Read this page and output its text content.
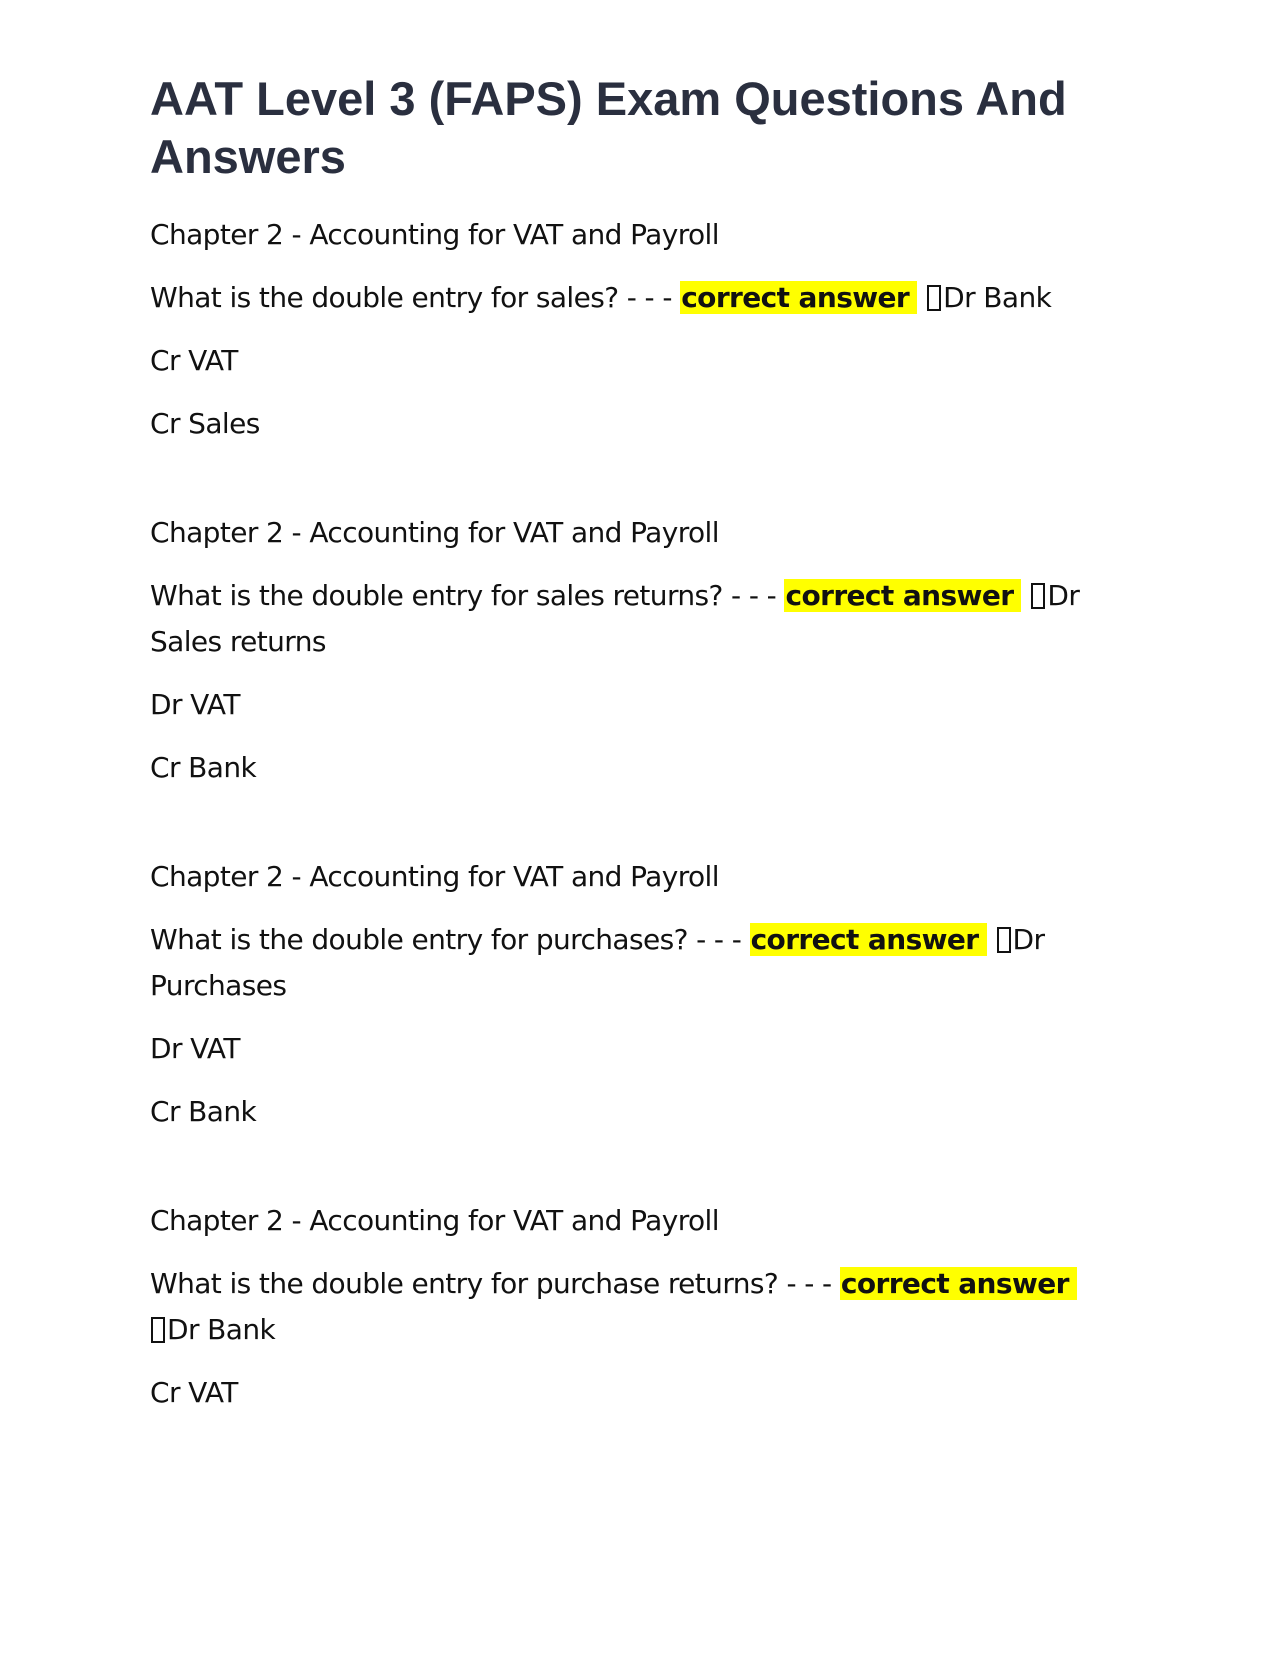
AAT Level 3 (FAPS) Exam Questions And Answers

Chapter 2 - Accounting for VAT and Payroll

What is the double entry for sales? - - - correct answer Dr Bank

Cr VAT

Cr Sales

Chapter 2 - Accounting for VAT and Payroll

What is the double entry for sales returns? - - - correct answer Dr Sales returns

Dr VAT

Cr Bank

Chapter 2 - Accounting for VAT and Payroll

What is the double entry for purchases? - - - correct answer Dr Purchases

Dr VAT

Cr Bank

Chapter 2 - Accounting for VAT and Payroll

What is the double entry for purchase returns? - - - correct answer
Dr Bank

Cr VAT
